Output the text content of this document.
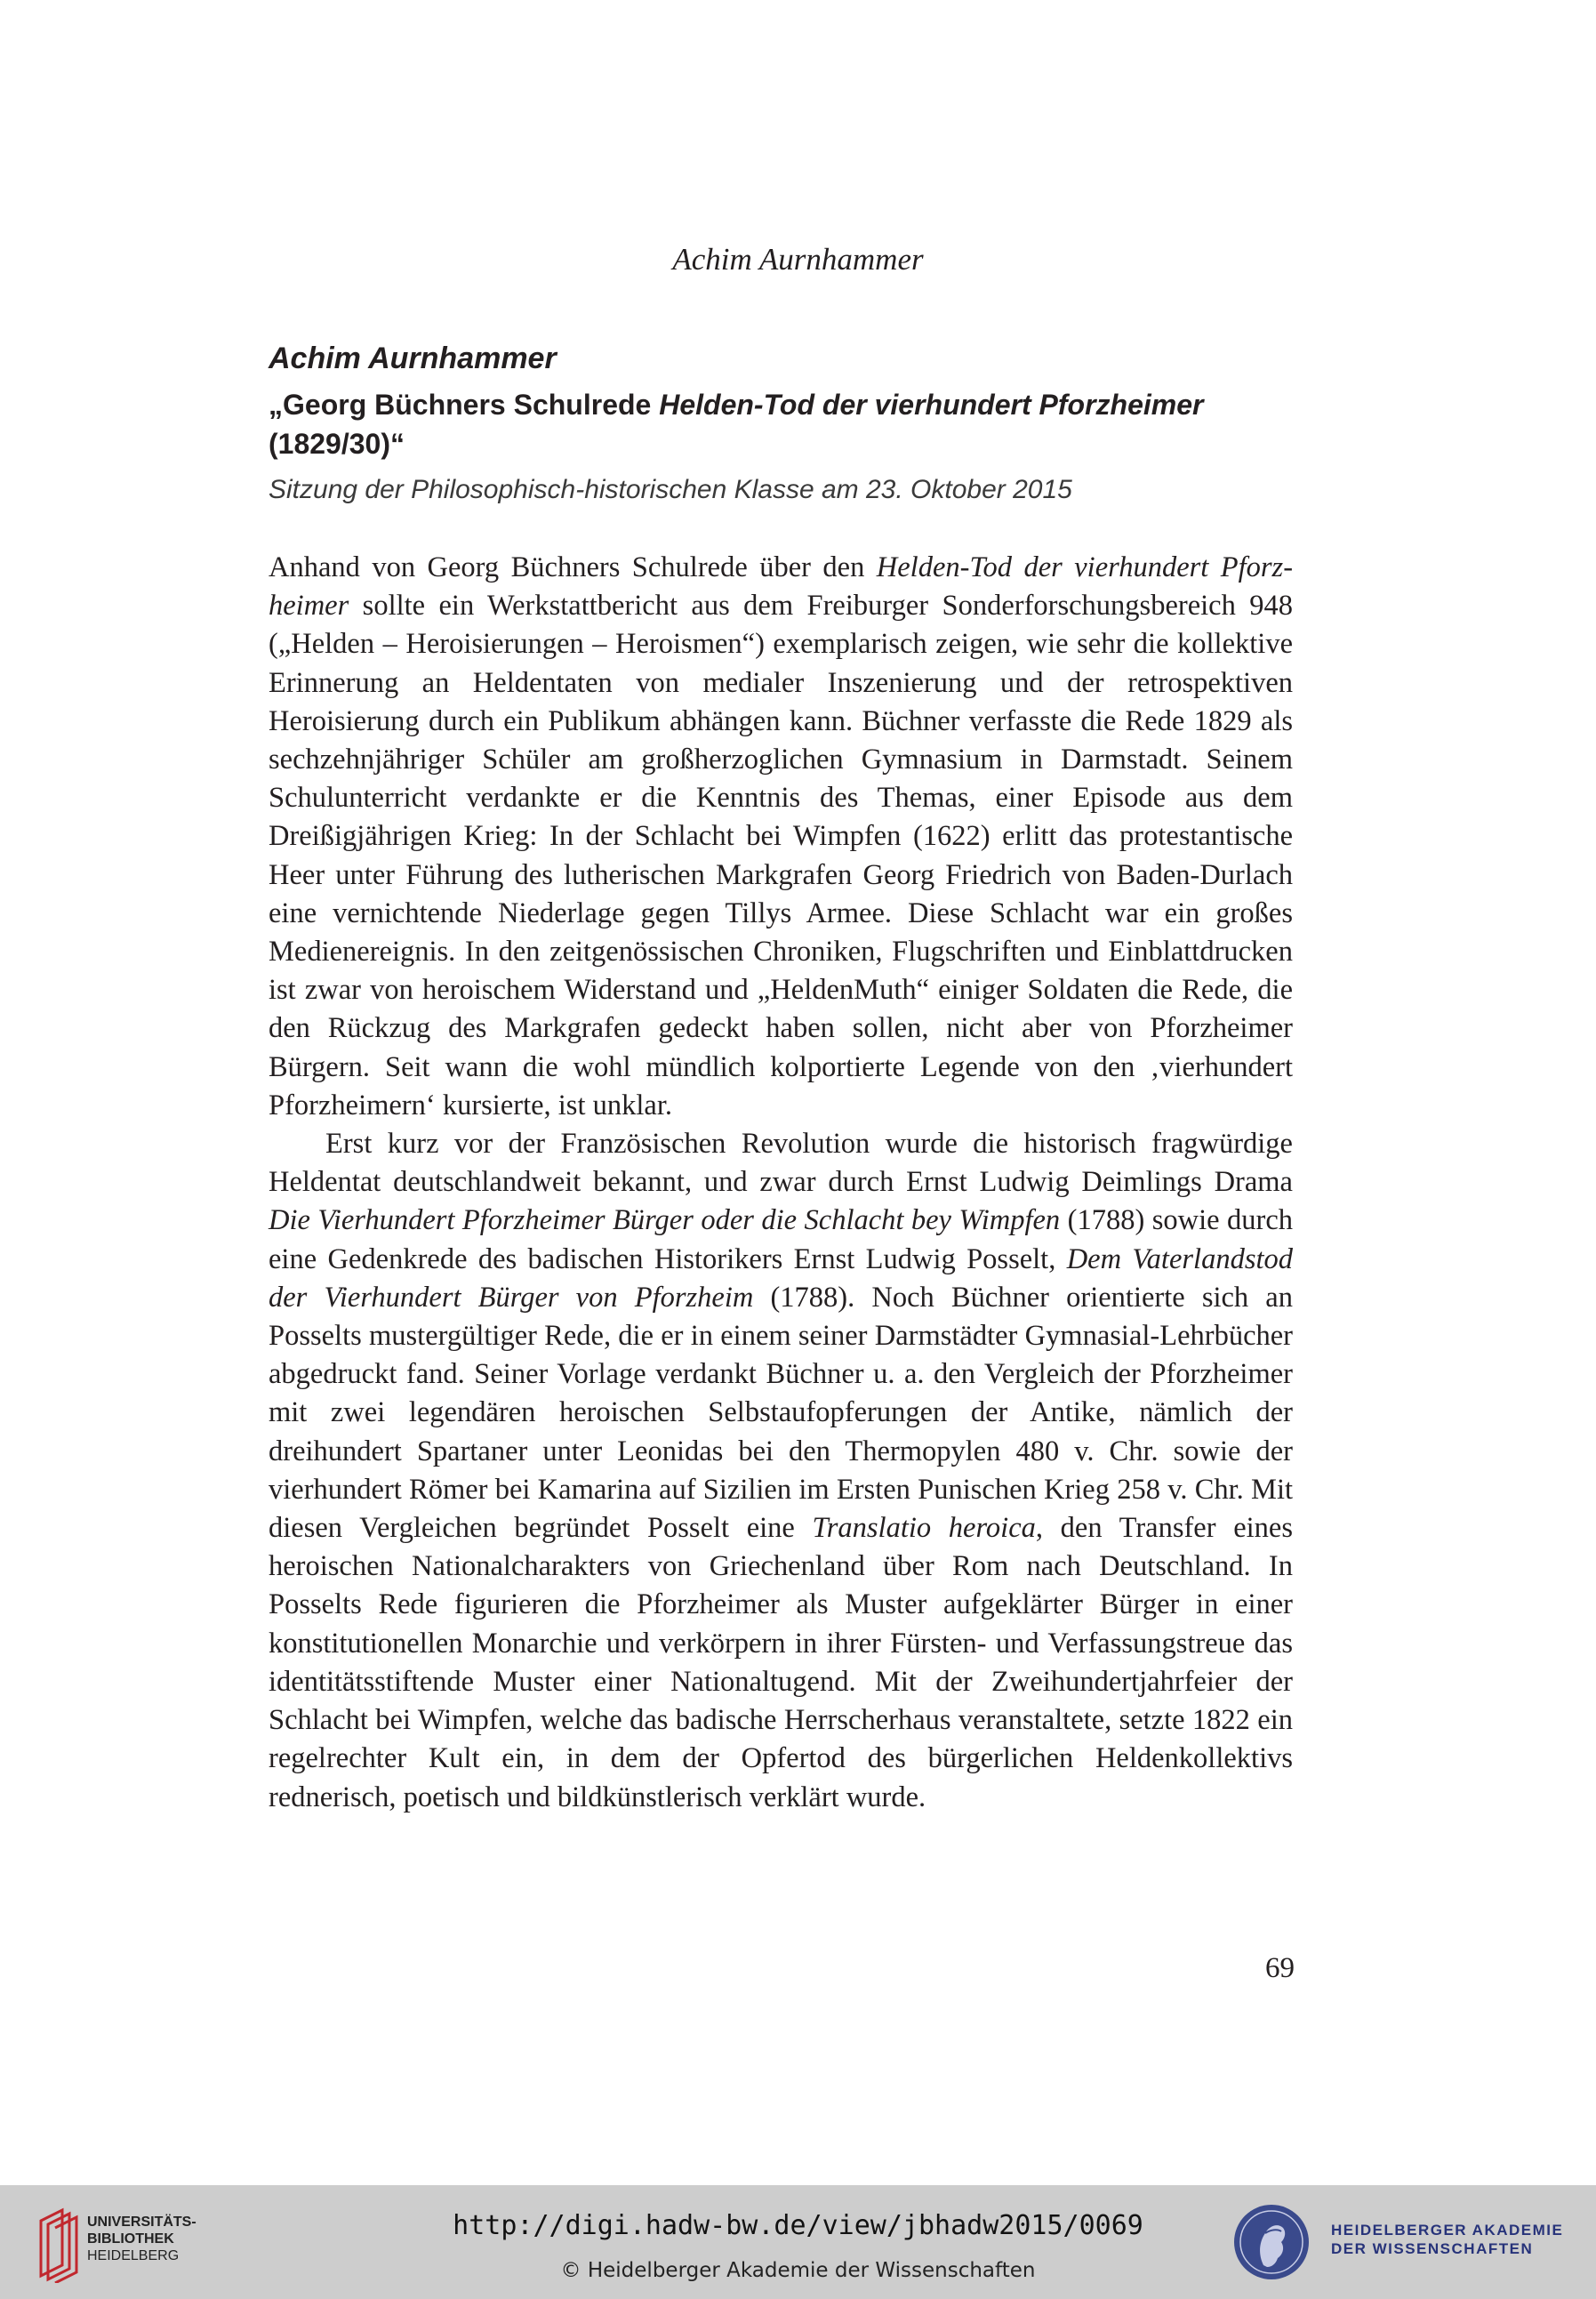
Achim Aurnhammer

Achim Aurnhammer

„Georg Büchners Schulrede Helden-Tod der vierhundert Pforzheimer
(1829/30)“

Sitzung der Philosophisch-historischen Klasse am 23. Oktober 2015

Anhand von Georg Büchners Schulrede über den Helden-Tod der vierhundert Pforzheimer sollte ein Werkstattbericht aus dem Freiburger Sonderforschungsbereich 948 („Helden – Heroisierungen – Heroismen“) exemplarisch zeigen, wie sehr die kollektive Erinnerung an Heldentaten von medialer Inszenierung und der retrospektiven Heroisierung durch ein Publikum abhängen kann. Büchner verfasste die Rede 1829 als sechzehnjähriger Schüler am großherzoglichen Gymnasium in Darmstadt. Seinem Schulunterricht verdankte er die Kenntnis des Themas, einer Episode aus dem Dreißigjährigen Krieg: In der Schlacht bei Wimpfen (1622) erlitt das protestantische Heer unter Führung des lutherischen Markgrafen Georg Friedrich von Baden-Durlach eine vernichtende Niederlage gegen Tillys Armee. Diese Schlacht war ein großes Medienereignis. In den zeitgenössischen Chroniken, Flugschriften und Einblattdrucken ist zwar von heroischem Widerstand und „HeldenMuth“ einiger Soldaten die Rede, die den Rückzug des Markgrafen gedeckt haben sollen, nicht aber von Pforzheimer Bürgern. Seit wann die wohl mündlich kolportierte Legende von den ‚vierhundert Pforzheimern‘ kursierte, ist unklar.

Erst kurz vor der Französischen Revolution wurde die historisch fragwürdige Heldentat deutschlandweit bekannt, und zwar durch Ernst Ludwig Deimlings Drama Die Vierhundert Pforzheimer Bürger oder die Schlacht bey Wimpfen (1788) sowie durch eine Gedenkrede des badischen Historikers Ernst Ludwig Posselt, Dem Vaterlandstod der Vierhundert Bürger von Pforzheim (1788). Noch Büchner orientierte sich an Posselts mustergültiger Rede, die er in einem seiner Darmstädter Gymnasial-Lehrbücher abgedruckt fand. Seiner Vorlage verdankt Büchner u. a. den Vergleich der Pforzheimer mit zwei legendären heroischen Selbstaufopferungen der Antike, nämlich der dreihundert Spartaner unter Leonidas bei den Thermopylen 480 v. Chr. sowie der vierhundert Römer bei Kamarina auf Sizilien im Ersten Punischen Krieg 258 v. Chr. Mit diesen Vergleichen begründet Posselt eine Translatio heroica, den Transfer eines heroischen Nationalcharakters von Griechenland über Rom nach Deutschland. In Posselts Rede figurieren die Pforzheimer als Muster aufgeklärter Bürger in einer konstitutionellen Monarchie und verkörpern in ihrer Fürsten- und Verfassungstreue das identitätsstiftende Muster einer Nationaltugend. Mit der Zweihundertjahrfeier der Schlacht bei Wimpfen, welche das badische Herrscherhaus veranstaltete, setzte 1822 ein regelrechter Kult ein, in dem der Opfertod des bürgerlichen Heldenkollektivs rednerisch, poetisch und bildkünstlerisch verklärt wurde.

69
UNIVERSITÄTS-
BIBLIOTHEK
HEIDELBERG
http://digi.hadw-bw.de/view/jbhadw2015/0069
© Heidelberger Akademie der Wissenschaften
HEIDELBERGER AKADEMIE
DER WISSENSCHAFTEN
